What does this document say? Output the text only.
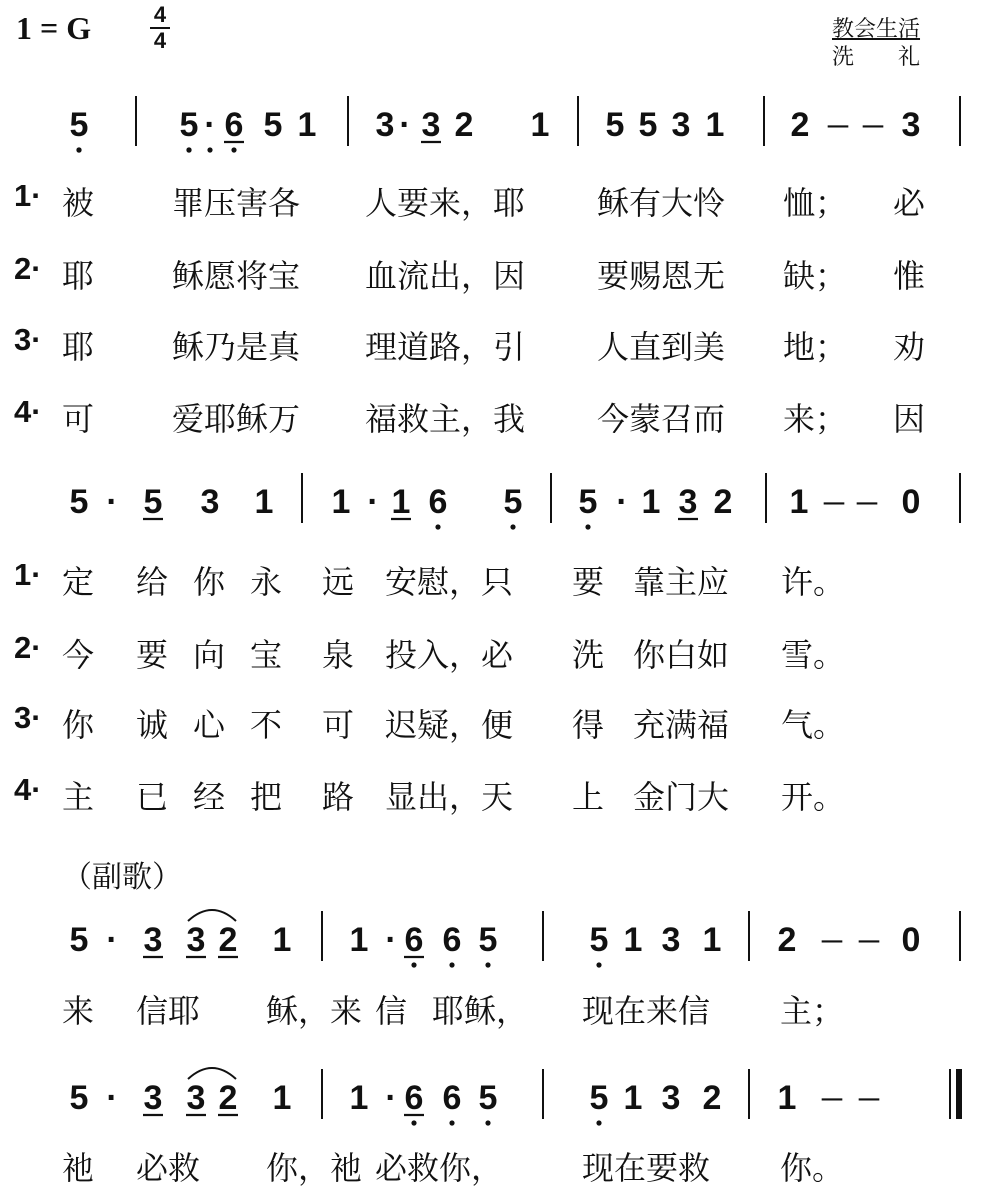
1 = G	4
4	教会生活
洗　　礼
5	5 · 6 5 1 3 · 3 2 1 5 5 3 1 2 － － 3
5 · 5 3 1 1 · 1 6 5 5 · 1 3 2 1 － － 0
5 · 3 3 2 1 1 · 6 6 5	5 1 3 1 2 － － 0
5 · 3 3 2 1 1 · 6 6 5	5 1 3 2 1 － －
（副歌）
1· 被 罪压害各 人要来，耶 稣有大怜 恤； 必
2· 耶 稣愿将宝 血流出，因 要赐恩无 缺； 惟
3· 耶 稣乃是真 理道路，引 人直到美 地； 劝
4· 可 爱耶稣万 福救主，我 今蒙召而 来； 因
1· 定 给 你 永 远 安慰，只 要 靠主应 许。
2· 今 要 向 宝 泉 投入，必 洗 你白如 雪。
3· 你 诚 心 不 可 迟疑，便 得 充满福 气。
4· 主 已 经 把 路 显出，天 上 金门大 开。
来 信耶 稣，来 信 耶稣， 现在来信 主；
祂 必救 你，祂 必救你， 现在要救 你。
